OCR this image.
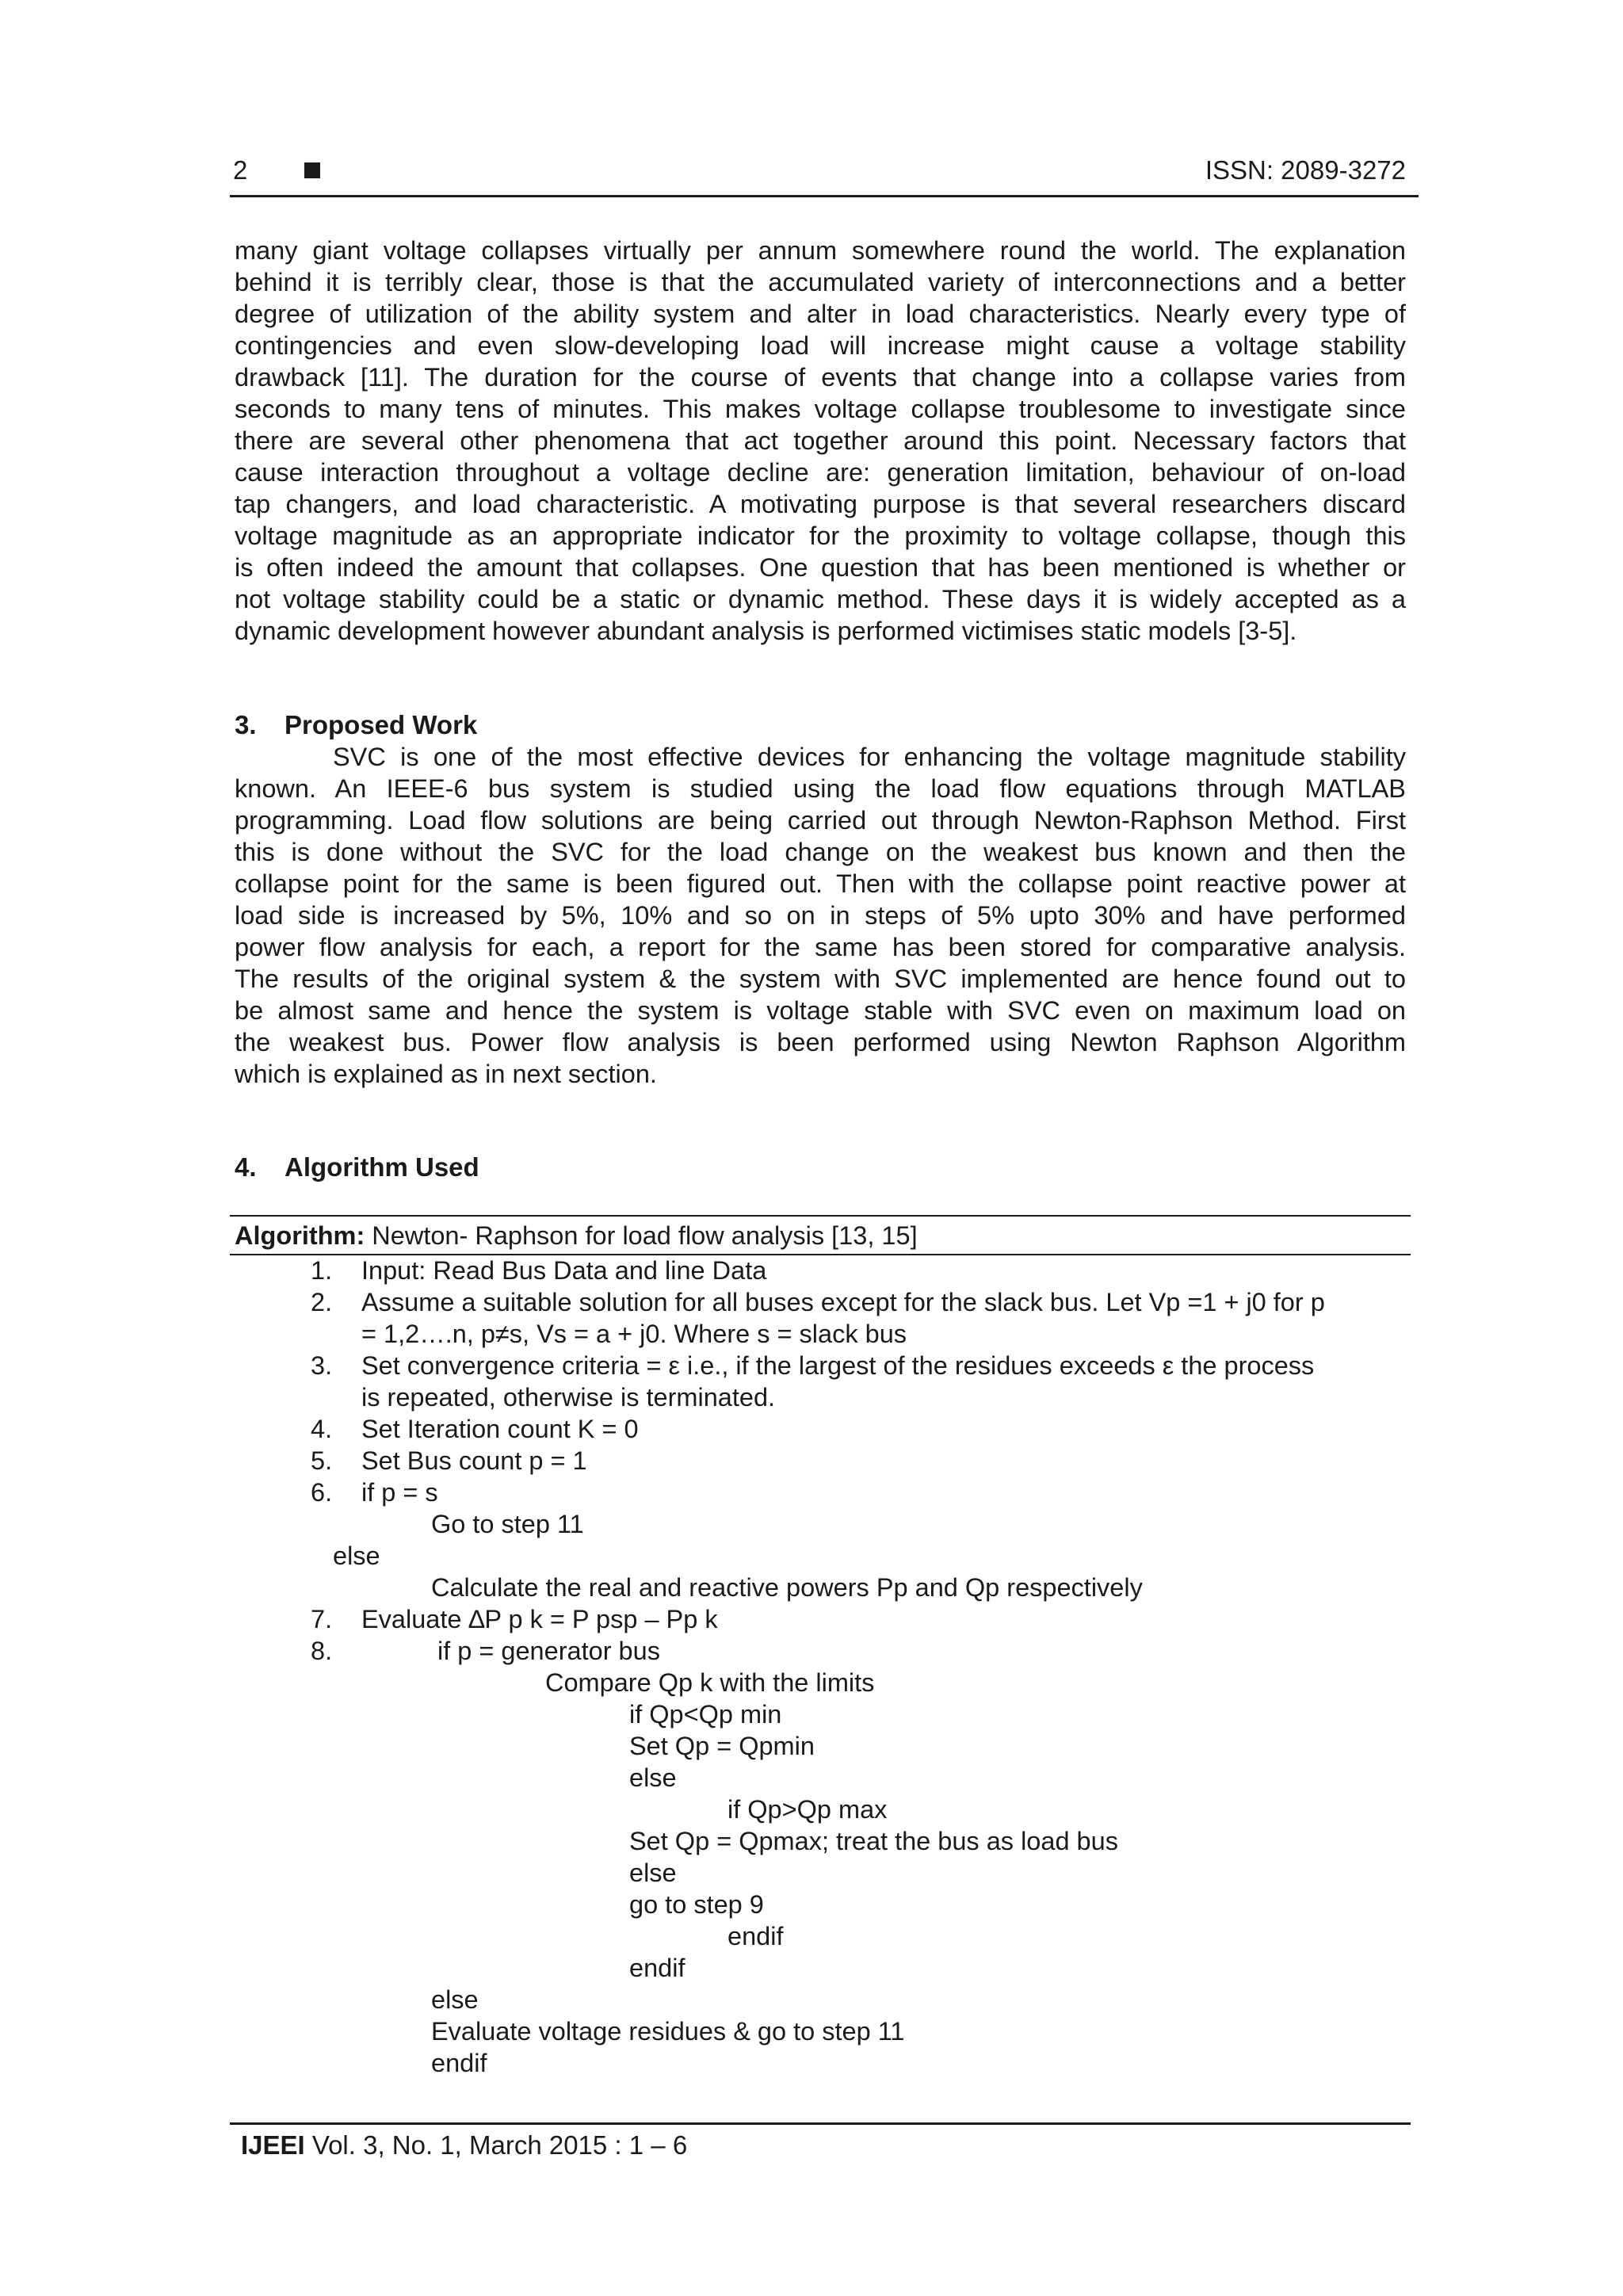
2	ISSN: 2089-3272
many giant voltage collapses virtually per annum somewhere round the world. The explanation
behind it is terribly clear, those is that the accumulated variety of interconnections and a better
degree of utilization of the ability system and alter in load characteristics. Nearly every type of
contingencies and even slow-developing load will increase might cause a voltage stability
drawback [11]. The duration for the course of events that change into a collapse varies from
seconds to many tens of minutes. This makes voltage collapse troublesome to investigate since
there are several other phenomena that act together around this point. Necessary factors that
cause interaction throughout a voltage decline are: generation limitation, behaviour of on-load
tap changers, and load characteristic. A motivating purpose is that several researchers discard
voltage magnitude as an appropriate indicator for the proximity to voltage collapse, though this
is often indeed the amount that collapses. One question that has been mentioned is whether or
not voltage stability could be a static or dynamic method. These days it is widely accepted as a
dynamic development however abundant analysis is performed victimises static models [3-5].
3. Proposed Work
SVC is one of the most effective devices for enhancing the voltage magnitude stability
known. An IEEE-6 bus system is studied using the load flow equations through MATLAB
programming. Load flow solutions are being carried out through Newton-Raphson Method. First
this is done without the SVC for the load change on the weakest bus known and then the
collapse point for the same is been figured out. Then with the collapse point reactive power at
load side is increased by 5%, 10% and so on in steps of 5% upto 30% and have performed
power flow analysis for each, a report for the same has been stored for comparative analysis.
The results of the original system & the system with SVC implemented are hence found out to
be almost same and hence the system is voltage stable with SVC even on maximum load on
the weakest bus. Power flow analysis is been performed using Newton Raphson Algorithm
which is explained as in next section.
4. Algorithm Used
Algorithm: Newton- Raphson for load flow analysis [13, 15]
1. Input: Read Bus Data and line Data
2. Assume a suitable solution for all buses except for the slack bus. Let Vp =1 + j0 for p
= 1,2….n, p≠s, Vs = a + j0. Where s = slack bus
3. Set convergence criteria = ε i.e., if the largest of the residues exceeds ε the process
is repeated, otherwise is terminated.
4. Set Iteration count K = 0
5. Set Bus count p = 1
6. if p = s
Go to step 11
else
Calculate the real and reactive powers Pp and Qp respectively
7. Evaluate ∆P p k = P psp – Pp k
8.	if p = generator bus
Compare Qp k with the limits
if Qp<Qp min
Set Qp = Qpmin
else
if Qp>Qp max
Set Qp = Qpmax; treat the bus as load bus
else
go to step 9
endif
endif
else
Evaluate voltage residues & go to step 11
endif
IJEEI Vol. 3, No. 1, March 2015 : 1 – 6
